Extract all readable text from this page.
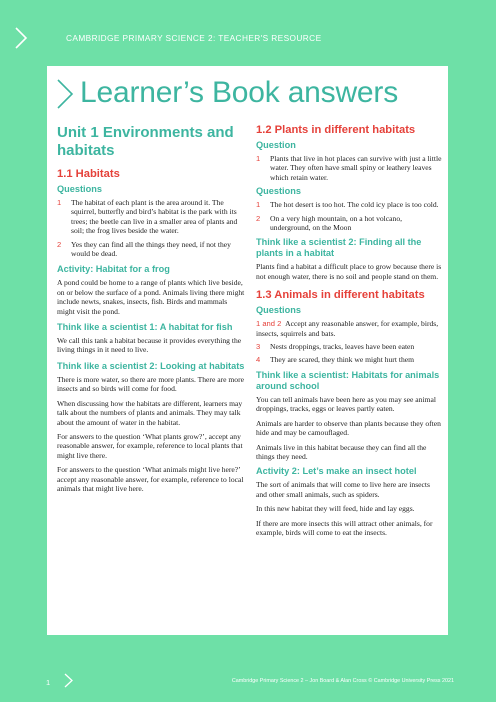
CAMBRIDGE PRIMARY SCIENCE 2: TEACHER'S RESOURCE
Learner’s Book answers
Unit 1 Environments and habitats
1.1 Habitats
Questions
1 The habitat of each plant is the area around it. The squirrel, butterfly and bird’s habitat is the park with its trees; the beetle can live in a smaller area of plants and soil; the frog lives beside the water.
2 Yes they can find all the things they need, if not they would be dead.
Activity: Habitat for a frog

A pond could be home to a range of plants which live beside, on or below the surface of a pond. Animals living there might include newts, snakes, insects, fish. Birds and mammals might visit the pond.

Think like a scientist 1: A habitat for fish

We call this tank a habitat because it provides everything the living things in it need to live.

Think like a scientist 2: Looking at habitats

There is more water, so there are more plants. There are more insects and so birds will come for food.

When discussing how the habitats are different, learners may talk about the numbers of plants and animals. They may talk about the amount of water in the habitat.

For answers to the question ‘What plants grow?’, accept any reasonable answer, for example, reference to local plants that might live there.

For answers to the question ‘What animals might live here?’ accept any reasonable answer, for example, reference to local animals that might live here.

1.2 Plants in different habitats
Question
1 Plants that live in hot places can survive with just a little water. They often have small spiny or leathery leaves which retain water.
Questions
1 The hot desert is too hot. The cold icy place is too cold.
2 On a very high mountain, on a hot volcano, underground, on the Moon
Think like a scientist 2: Finding all the plants in a habitat

Plants find a habitat a difficult place to grow because there is not enough water, there is no soil and people stand on them.

1.3 Animals in different habitats
Questions
1 and 2 Accept any reasonable answer, for example, birds, insects, squirrels and bats.
3 Nests droppings, tracks, leaves have been eaten
4 They are scared, they think we might hurt them
Think like a scientist: Habitats for animals around school

You can tell animals have been here as you may see animal droppings, tracks, eggs or leaves partly eaten.

Animals are harder to observe than plants because they often hide and may be camouflaged.

Animals live in this habitat because they can find all the things they need.

Activity 2: Let’s make an insect hotel

The sort of animals that will come to live here are insects and other small animals, such as spiders.

In this new habitat they will feed, hide and lay eggs.

If there are more insects this will attract other animals, for example, birds will come to eat the insects.

1	Cambridge Primary Science 2 – Jon Board & Alan Cross © Cambridge University Press 2021
